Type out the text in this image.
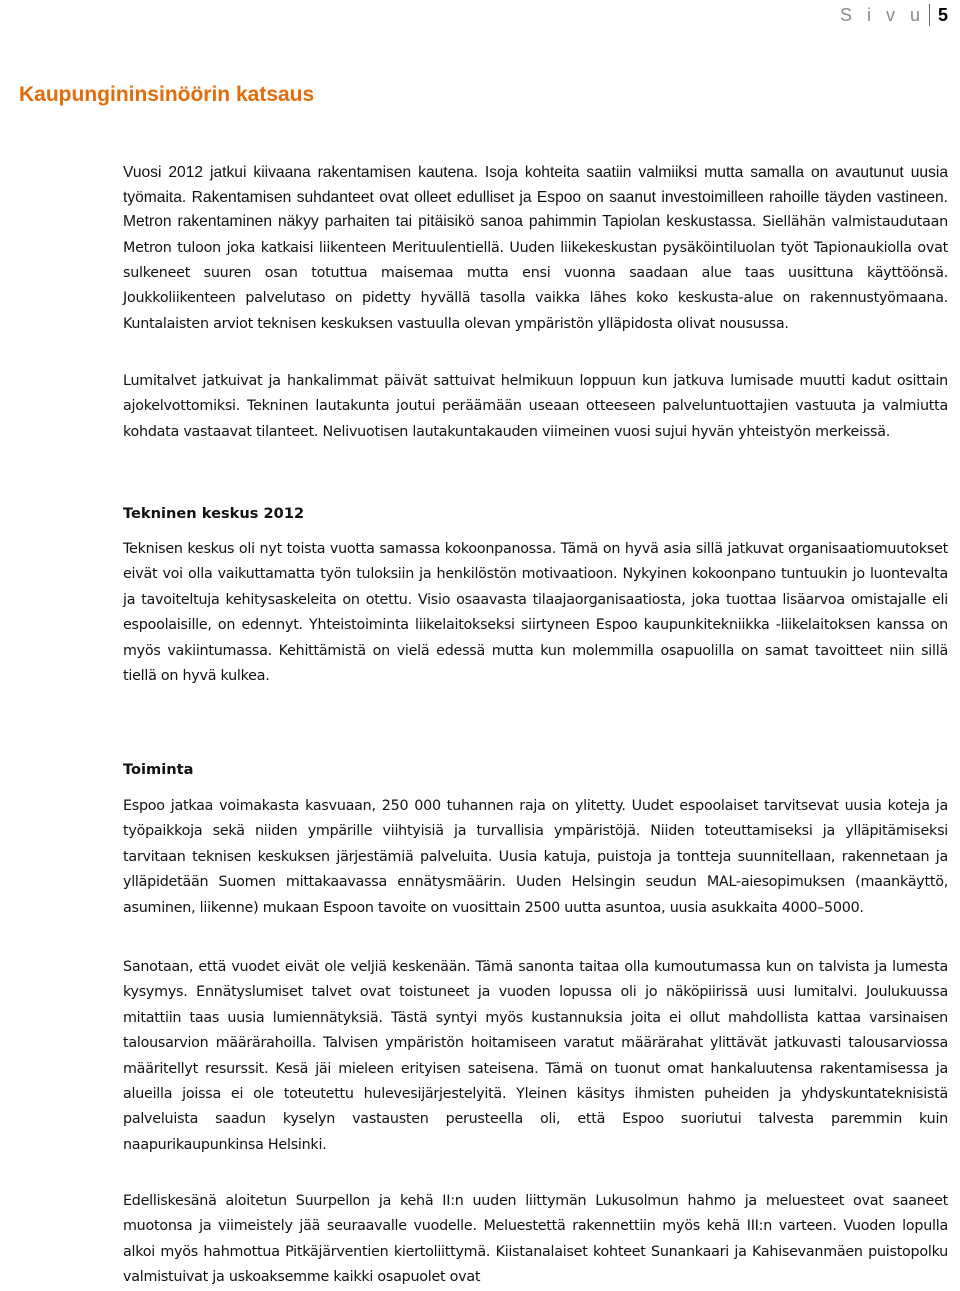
S i v u 5
Kaupungininsinöörin katsaus

Vuosi 2012 jatkui kiivaana rakentamisen kautena. Isoja kohteita saatiin valmiiksi mutta samalla on avautunut uusia työmaita. Rakentamisen suhdanteet ovat olleet edulliset ja Espoo on saanut investoimilleen rahoille täyden vastineen. Metron rakentaminen näkyy parhaiten tai pitäisikö sanoa pahimmin Tapiolan keskustassa. Siellähän valmistaudutaan Metron tuloon joka katkaisi liikenteen Merituulentiellä. Uuden liikekeskustan pysäköintiluolan työt Tapionaukiolla ovat sulkeneet suuren osan totuttua maisemaa mutta ensi vuonna saadaan alue taas uusittuna käyttöönsä. Joukkoliikenteen palvelutaso on pidetty hyvällä tasolla vaikka lähes koko keskusta-alue on rakennustyömaana. Kuntalaisten arviot teknisen keskuksen vastuulla olevan ympäristön ylläpidosta olivat nousussa.

Lumitalvet jatkuivat ja hankalimmat päivät sattuivat helmikuun loppuun kun jatkuva lumisade muutti kadut osittain ajokelvottomiksi. Tekninen lautakunta joutui peräämään useaan otteeseen palveluntuottajien vastuuta ja valmiutta kohdata vastaavat tilanteet. Nelivuotisen lautakuntakauden viimeinen vuosi sujui hyvän yhteistyön merkeissä.

Tekninen keskus 2012

Teknisen keskus oli nyt toista vuotta samassa kokoonpanossa. Tämä on hyvä asia sillä jatkuvat organisaatiomuutokset eivät voi olla vaikuttamatta työn tuloksiin ja henkilöstön motivaatioon. Nykyinen kokoonpano tuntuukin jo luontevalta ja tavoiteltuja kehitysaskeleita on otettu. Visio osaavasta tilaajaorganisaatiosta, joka tuottaa lisäarvoa omistajalle eli espoolaisille, on edennyt. Yhteistoiminta liikelaitokseksi siirtyneen Espoo kaupunkitekniikka -liikelaitoksen kanssa on myös vakiintumassa. Kehittämistä on vielä edessä mutta kun molemmilla osapuolilla on samat tavoitteet niin sillä tiellä on hyvä kulkea.

Toiminta

Espoo jatkaa voimakasta kasvuaan, 250 000 tuhannen raja on ylitetty. Uudet espoolaiset tarvitsevat uusia koteja ja työpaikkoja sekä niiden ympärille viihtyisiä ja turvallisia ympäristöjä. Niiden toteuttamiseksi ja ylläpitämiseksi tarvitaan teknisen keskuksen järjestämiä palveluita. Uusia katuja, puistoja ja tontteja suunnitellaan, rakennetaan ja ylläpidetään Suomen mittakaavassa ennätysmäärin. Uuden Helsingin seudun MAL-aiesopimuksen (maankäyttö, asuminen, liikenne) mukaan Espoon tavoite on vuosittain 2500 uutta asuntoa, uusia asukkaita 4000–5000.

Sanotaan, että vuodet eivät ole veljiä keskenään. Tämä sanonta taitaa olla kumoutumassa kun on talvista ja lumesta kysymys. Ennätyslumiset talvet ovat toistuneet ja vuoden lopussa oli jo näköpiirissä uusi lumitalvi. Joulukuussa mitattiin taas uusia lumiennätyksiä. Tästä syntyi myös kustannuksia joita ei ollut mahdollista kattaa varsinaisen talousarvion määrärahoilla. Talvisen ympäristön hoitamiseen varatut määrärahat ylittävät jatkuvasti talousarviossa määritellyt resurssit. Kesä jäi mieleen erityisen sateisena. Tämä on tuonut omat hankaluutensa rakentamisessa ja alueilla joissa ei ole toteutettu hulevesijärjestelyitä. Yleinen käsitys ihmisten puheiden ja yhdyskuntateknisistä palveluista saadun kyselyn vastausten perusteella oli, että Espoo suoriutui talvesta paremmin kuin naapurikaupunkinsa Helsinki.

Edelliskesänä aloitetun Suurpellon ja kehä II:n uuden liittymän Lukusolmun hahmo ja meluesteet ovat saaneet muotonsa ja viimeistely jää seuraavalle vuodelle. Meluestettä rakennettiin myös kehä III:n varteen. Vuoden lopulla alkoi myös hahmottua Pitkäjärventien kiertoliittymä. Kiistanalaiset kohteet Sunankaari ja Kahisevanmäen puistopolku valmistuivat ja uskoaksemme kaikki osapuolet ovat
